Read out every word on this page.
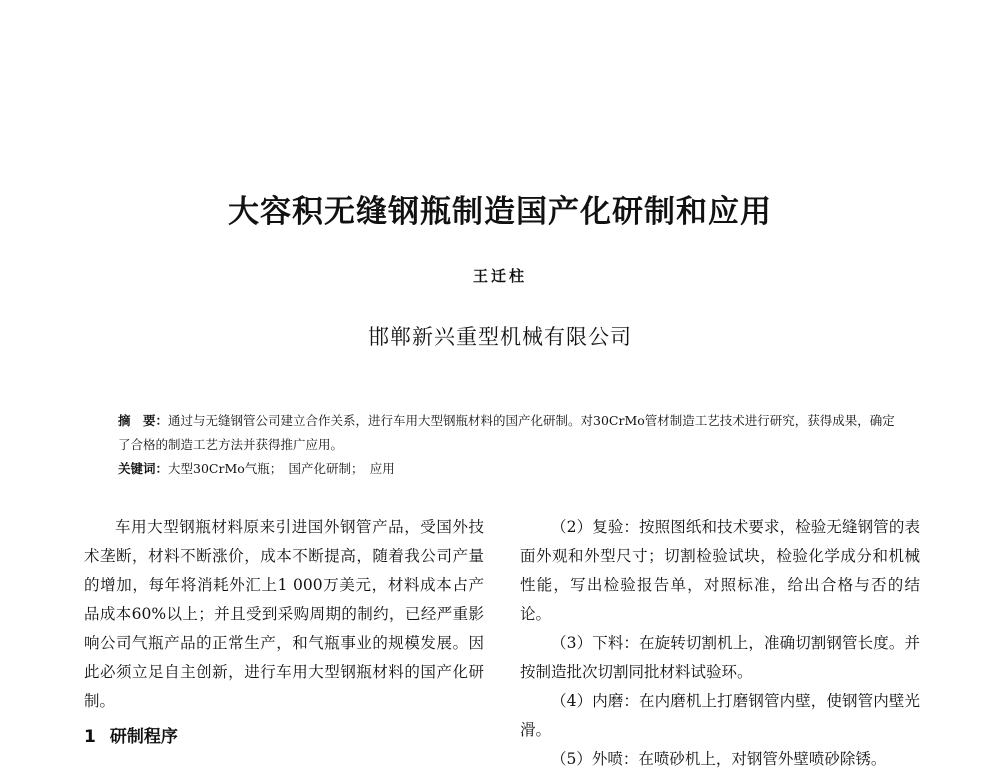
大容积无缝钢瓶制造国产化研制和应用
王迁柱
邯郸新兴重型机械有限公司

摘　要：通过与无缝钢管公司建立合作关系，进行车用大型钢瓶材料的国产化研制。对30CrMo管材制造工艺技术进行研究，获得成果，确定了合格的制造工艺方法并获得推广应用。

关键词：大型30CrMo气瓶；　国产化研制；　应用

车用大型钢瓶材料原来引进国外钢管产品，受国外技术垄断，材料不断涨价，成本不断提高，随着我公司产量的增加，每年将消耗外汇上1 000万美元，材料成本占产品成本60%以上；并且受到采购周期的制约，已经严重影响公司气瓶产品的正常生产，和气瓶事业的规模发展。因此必须立足自主创新，进行车用大型钢瓶材料的国产化研制。

1 研制程序

（2）复验：按照图纸和技术要求，检验无缝钢管的表面外观和外型尺寸；切割检验试块，检验化学成分和机械性能，写出检验报告单，对照标准，给出合格与否的结论。

（3）下料：在旋转切割机上，准确切割钢管长度。并按制造批次切割同批材料试验环。

（4）内磨：在内磨机上打磨钢管内壁，使钢管内壁光滑。

（5）外喷：在喷砂机上，对钢管外壁喷砂除锈。
